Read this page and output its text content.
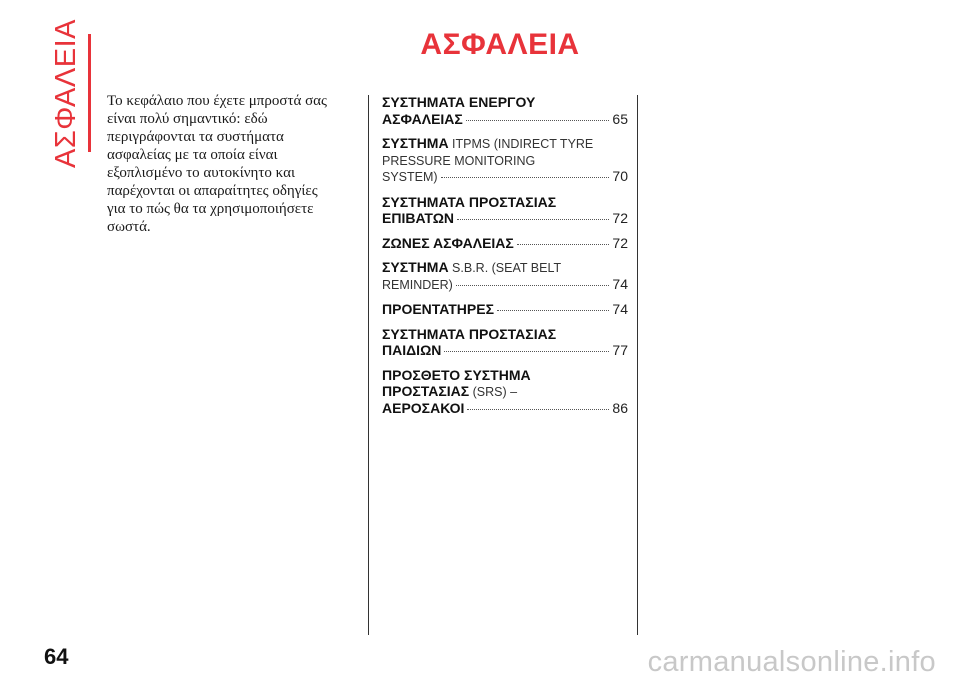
ΑΣΦΑΛΕΙΑ	ΑΣΦΑΛΕΙΑ
Το κεφάλαιο που έχετε μπροστά σας
είναι πολύ σημαντικό: εδώ
περιγράφονται τα συστήματα
ασφαλείας με τα οποία είναι
εξοπλισμένο το αυτοκίνητο και
παρέχονται οι απαραίτητες οδηγίες
για το πώς θα τα χρησιμοποιήσετε
σωστά.
ΣΥΣΤΗΜΑΤΑ ΕΝΕΡΓΟΥ
ΑΣΦΑΛΕΙΑΣ	65
ΣΥΣΤΗΜΑ ITPMS (INDIRECT TYRE
PRESSURE MONITORING
SYSTEM)	70
ΣΥΣΤΗΜΑΤΑ ΠΡΟΣΤΑΣΙΑΣ
ΕΠΙΒΑΤΩΝ	72
ΖΩΝΕΣ ΑΣΦΑΛΕΙΑΣ	72
ΣΥΣΤΗΜΑ S.B.R. (SEAT BELT
REMINDER)	74
ΠΡΟΕΝΤΑΤΗΡΕΣ	74
ΣΥΣΤΗΜΑΤΑ ΠΡΟΣΤΑΣΙΑΣ
ΠΑΙΔΙΩΝ	77
ΠΡΟΣΘΕΤΟ ΣΥΣΤΗΜΑ
ΠΡΟΣΤΑΣΙΑΣ (SRS) –
ΑΕΡΟΣΑΚΟΙ	86
64	carmanualsonline.info
